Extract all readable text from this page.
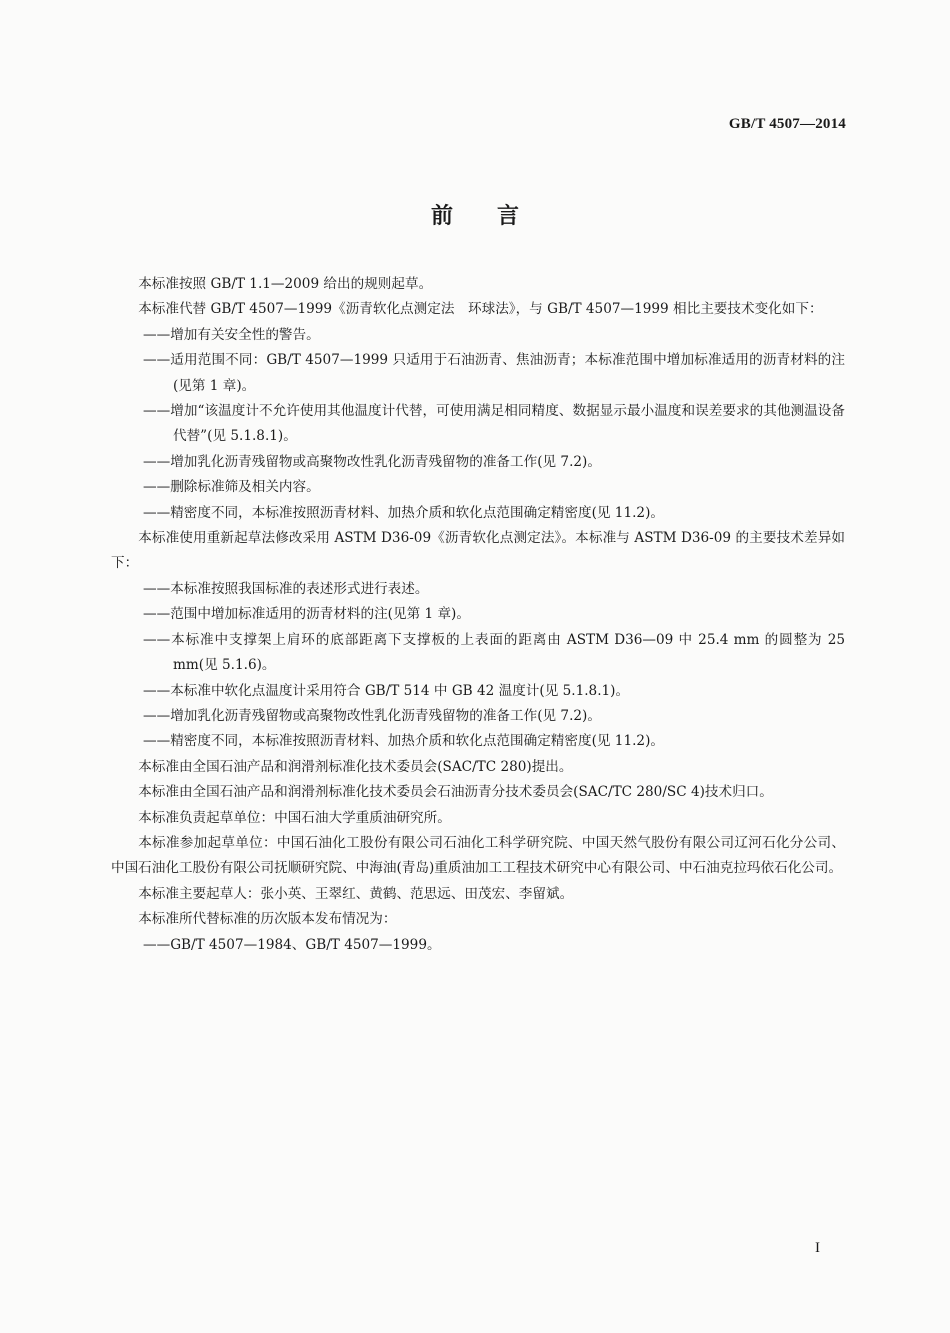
GB/T 4507—2014
前言

本标准按照 GB/T 1.1—2009 给出的规则起草。

本标准代替 GB/T 4507—1999《沥青软化点测定法　环球法》，与 GB/T 4507—1999 相比主要技术变化如下：

——增加有关安全性的警告。

——适用范围不同：GB/T 4507—1999 只适用于石油沥青、焦油沥青；本标准范围中增加标准适用的沥青材料的注(见第 1 章)。

——增加“该温度计不允许使用其他温度计代替，可使用满足相同精度、数据显示最小温度和误差要求的其他测温设备代替”(见 5.1.8.1)。

——增加乳化沥青残留物或高聚物改性乳化沥青残留物的准备工作(见 7.2)。

——删除标准筛及相关内容。

——精密度不同，本标准按照沥青材料、加热介质和软化点范围确定精密度(见 11.2)。

本标准使用重新起草法修改采用 ASTM D36-09《沥青软化点测定法》。本标准与 ASTM D36-09 的主要技术差异如下：

——本标准按照我国标准的表述形式进行表述。

——范围中增加标准适用的沥青材料的注(见第 1 章)。

——本标准中支撑架上肩环的底部距离下支撑板的上表面的距离由 ASTM D36—09 中 25.4 mm 的圆整为 25 mm(见 5.1.6)。

——本标准中软化点温度计采用符合 GB/T 514 中 GB 42 温度计(见 5.1.8.1)。

——增加乳化沥青残留物或高聚物改性乳化沥青残留物的准备工作(见 7.2)。

——精密度不同，本标准按照沥青材料、加热介质和软化点范围确定精密度(见 11.2)。

本标准由全国石油产品和润滑剂标准化技术委员会(SAC/TC 280)提出。

本标准由全国石油产品和润滑剂标准化技术委员会石油沥青分技术委员会(SAC/TC 280/SC 4)技术归口。

本标准负责起草单位：中国石油大学重质油研究所。

本标准参加起草单位：中国石油化工股份有限公司石油化工科学研究院、中国天然气股份有限公司辽河石化分公司、中国石油化工股份有限公司抚顺研究院、中海油(青岛)重质油加工工程技术研究中心有限公司、中石油克拉玛依石化公司。

本标准主要起草人：张小英、王翠红、黄鹤、范思远、田茂宏、李留斌。

本标准所代替标准的历次版本发布情况为：

——GB/T 4507—1984、GB/T 4507—1999。

I
